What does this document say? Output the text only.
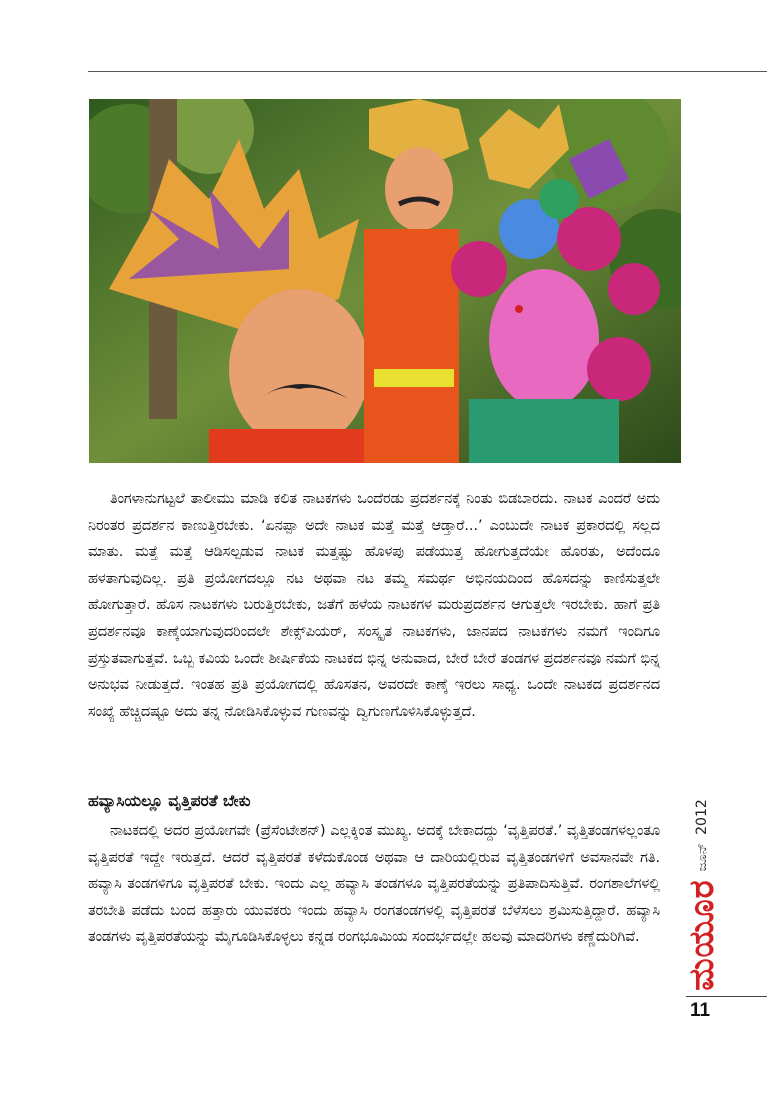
ತಿಂಗಳಾನುಗಟ್ಟಲೆ ತಾಲೀಮು ಮಾಡಿ ಕಲಿತ ನಾಟಕಗಳು ಒಂದೆರಡು ಪ್ರದರ್ಶನಕ್ಕೆ ನಿಂತು ಬಿಡಬಾರದು. ನಾಟಕ ಎಂದರೆ ಅದು ನಿರಂತರ ಪ್ರದರ್ಶನ ಕಾಣುತ್ತಿರಬೇಕು. ‘ಏನಪ್ಪಾ ಅದೇ ನಾಟಕ ಮತ್ತೆ ಮತ್ತೆ ಆಡ್ತಾರೆ...’ ಎಂಬುದೇ ನಾಟಕ ಪ್ರಕಾರದಲ್ಲಿ ಸಲ್ಲದ ಮಾತು. ಮತ್ತೆ ಮತ್ತೆ ಆಡಿಸಲ್ಪಡುವ ನಾಟಕ ಮತ್ತಷ್ಟು ಹೊಳಪು ಪಡೆಯುತ್ತ ಹೋಗುತ್ತದೆಯೇ ಹೊರತು, ಅದೆಂದೂ ಹಳತಾಗುವುದಿಲ್ಲ. ಪ್ರತಿ ಪ್ರಯೋಗದಲ್ಲೂ ನಟ ಅಥವಾ ನಟ ತಮ್ಮ ಸಮರ್ಥ ಅಭಿನಯದಿಂದ ಹೊಸದನ್ನು ಕಾಣಿಸುತ್ತಲೇ ಹೋಗುತ್ತಾರೆ. ಹೊಸ ನಾಟಕಗಳು ಬರುತ್ತಿರಬೇಕು, ಜತೆಗೆ ಹಳೆಯ ನಾಟಕಗಳ ಮರುಪ್ರದರ್ಶನ ಆಗುತ್ತಲೇ ಇರಬೇಕು. ಹಾಗೆ ಪ್ರತಿ ಪ್ರದರ್ಶನವೂ ಕಾಣ್ಕೆಯಾಗುವುದರಿಂದಲೇ ಶೇಕ್ಸ್‌ಪಿಯರ್, ಸಂಸ್ಕೃತ ನಾಟಕಗಳು, ಜಾನಪದ ನಾಟಕಗಳು ನಮಗೆ ಇಂದಿಗೂ ಪ್ರಸ್ತುತವಾಗುತ್ತವೆ. ಒಬ್ಬ ಕವಿಯ ಒಂದೇ ಶೀರ್ಷಿಕೆಯ ನಾಟಕದ ಭಿನ್ನ ಅನುವಾದ, ಬೇರೆ ಬೇರೆ ತಂಡಗಳ ಪ್ರದರ್ಶನವೂ ನಮಗೆ ಭಿನ್ನ ಅನುಭವ ನೀಡುತ್ತದೆ. ಇಂತಹ ಪ್ರತಿ ಪ್ರಯೋಗದಲ್ಲಿ ಹೊಸತನ, ಅವರದೇ ಕಾಣ್ಕೆ ಇರಲು ಸಾಧ್ಯ. ಒಂದೇ ನಾಟಕದ ಪ್ರದರ್ಶನದ ಸಂಖ್ಯೆ ಹೆಚ್ಚಿದಷ್ಟೂ ಅದು ತನ್ನ ನೋಡಿಸಿಕೊಳ್ಳುವ ಗುಣವನ್ನು ದ್ವಿಗುಣಗೊಳಿಸಿಕೊಳ್ಳುತ್ತದೆ.

ಹವ್ಯಾಸಿಯಲ್ಲೂ ವೃತ್ತಿಪರತೆ ಬೇಕು

ನಾಟಕದಲ್ಲಿ ಅದರ ಪ್ರಯೋಗವೇ (ಪ್ರೆಸೆಂಟೇಶನ್) ಎಲ್ಲಕ್ಕಿಂತ ಮುಖ್ಯ. ಅದಕ್ಕೆ ಬೇಕಾದದ್ದು ‘ವೃತ್ತಿಪರತೆ.’ ವೃತ್ತಿತಂಡಗಳಲ್ಲಂತೂ ವೃತ್ತಿಪರತೆ ಇದ್ದೇ ಇರುತ್ತದೆ. ಆದರೆ ವೃತ್ತಿಪರತೆ ಕಳೆದುಕೊಂಡ ಅಥವಾ ಆ ದಾರಿಯಲ್ಲಿರುವ ವೃತ್ತಿತಂಡಗಳಿಗೆ ಅವಸಾನವೇ ಗತಿ. ಹವ್ಯಾಸಿ ತಂಡಗಳಿಗೂ ವೃತ್ತಿಪರತೆ ಬೇಕು. ಇಂದು ಎಲ್ಲ ಹವ್ಯಾಸಿ ತಂಡಗಳೂ ವೃತ್ತಿಪರತೆಯನ್ನು ಪ್ರತಿಪಾದಿಸುತ್ತಿವೆ. ರಂಗಶಾಲೆಗಳಲ್ಲಿ ತರಬೇತಿ ಪಡೆದು ಬಂದ ಹತ್ತಾರು ಯುವಕರು ಇಂದು ಹವ್ಯಾಸಿ ರಂಗತಂಡಗಳಲ್ಲಿ ವೃತ್ತಿಪರತೆ ಬೆಳೆಸಲು ಶ್ರಮಿಸುತ್ತಿದ್ದಾರೆ. ಹವ್ಯಾಸಿ ತಂಡಗಳು ವೃತ್ತಿಪರತೆಯನ್ನು ಮೈಗೂಡಿಸಿಕೊಳ್ಳಲು ಕನ್ನಡ ರಂಗಭೂಮಿಯ ಸಂದರ್ಭದಲ್ಲೇ ಹಲವು ಮಾದರಿಗಳು ಕಣ್ಣೆದುರಿಗಿವೆ.	ಮಯೂರ
ಜೂನ್
2012
11
